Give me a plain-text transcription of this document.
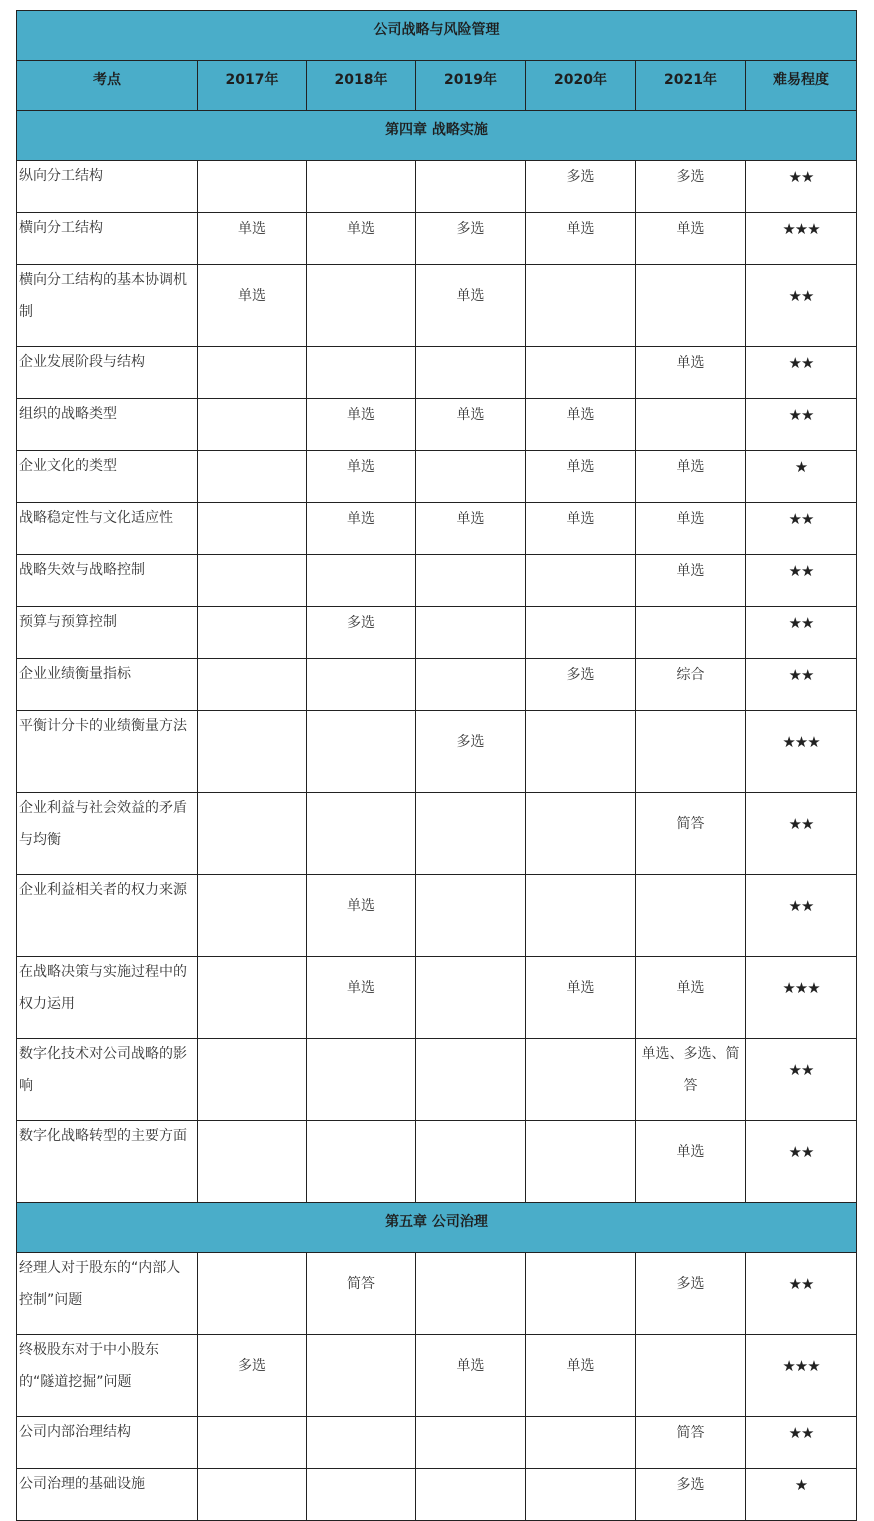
公司战略与风险管理						
考点	2017年	2018年	2019年	2020年	2021年	难易程度
第四章 战略实施						

纵向分工结构				多选	多选	★★

横向分工结构	单选	单选	多选	单选	单选	★★★

横向分工结构的基本协调机制	单选		单选			★★

企业发展阶段与结构					单选	★★

组织的战略类型		单选	单选	单选		★★

企业文化的类型		单选		单选	单选	★

战略稳定性与文化适应性		单选	单选	单选	单选	★★

战略失效与战略控制					单选	★★

预算与预算控制		多选				★★

企业业绩衡量指标				多选	综合	★★

平衡计分卡的业绩衡量方法			多选			★★★

企业利益与社会效益的矛盾与均衡					简答	★★

企业利益相关者的权力来源		单选				★★

在战略决策与实施过程中的权力运用		单选		单选	单选	★★★

数字化技术对公司战略的影响					单选、多选、简答	★★

数字化战略转型的主要方面					单选	★★
第五章 公司治理						

经理人对于股东的“内部人控制”问题		简答			多选	★★

终极股东对于中小股东的“隧道挖掘”问题	多选		单选	单选		★★★

公司内部治理结构					简答	★★

公司治理的基础设施					多选	★
